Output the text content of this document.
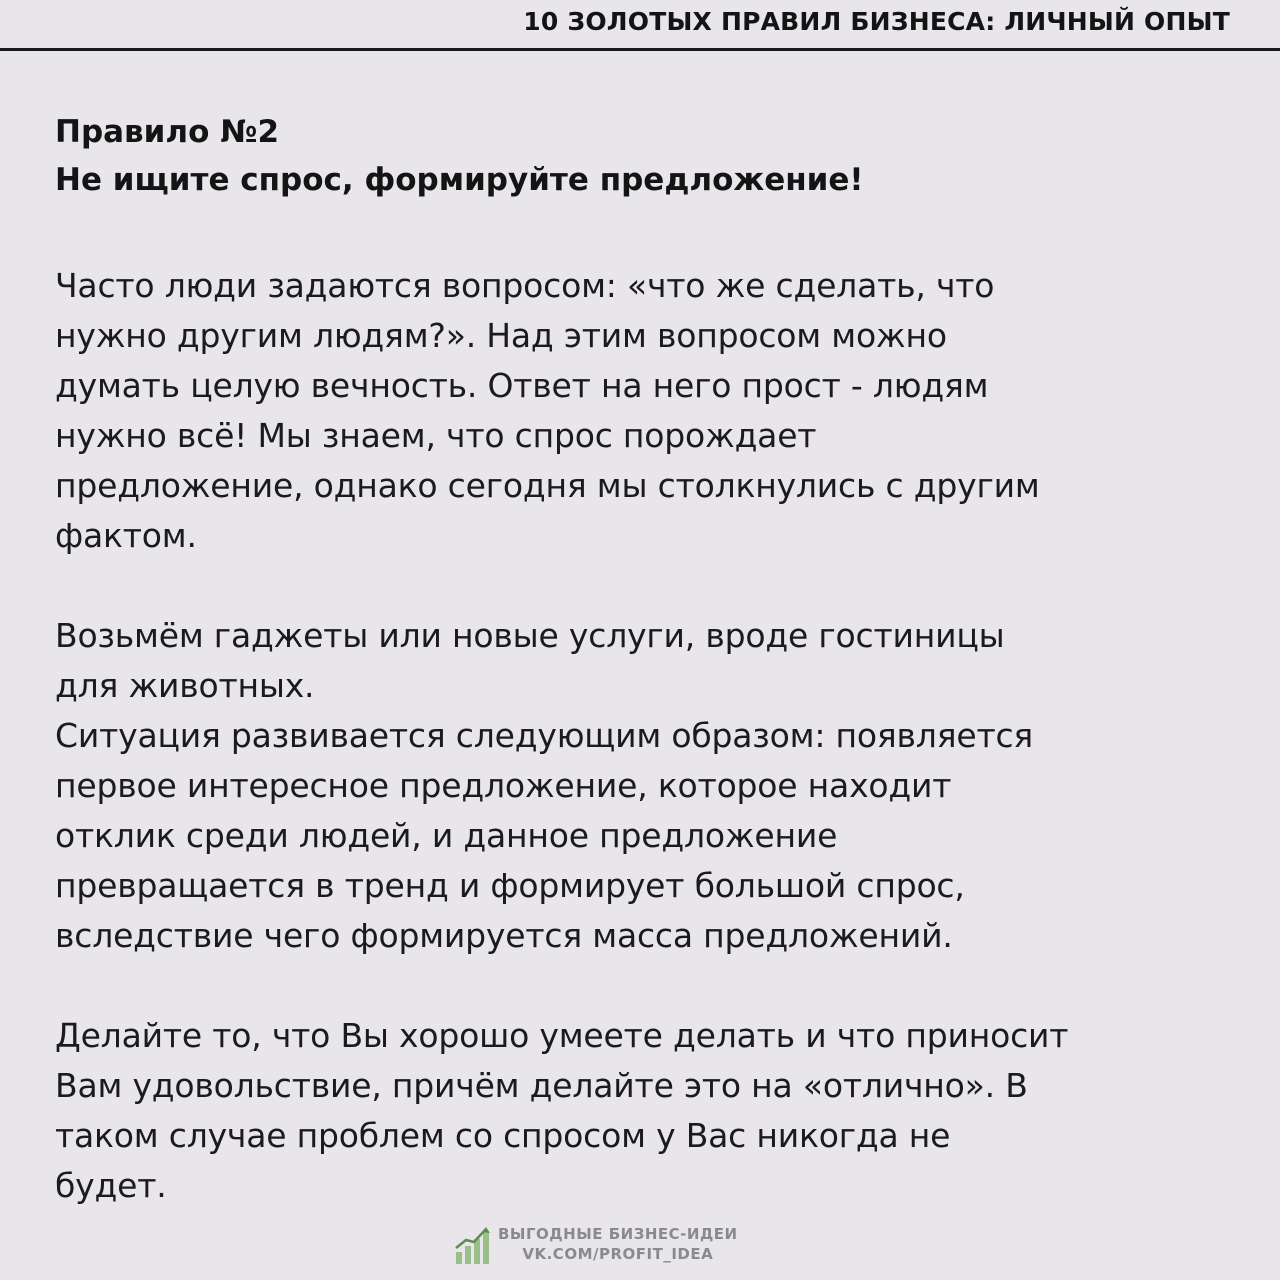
10 ЗОЛОТЫХ ПРАВИЛ БИЗНЕСА: ЛИЧНЫЙ ОПЫТ

Правило №2

Не ищите спрос, формируйте предложение!

Часто люди задаются вопросом: «что же сделать, что
нужно другим людям?». Над этим вопросом можно
думать целую вечность. Ответ на него прост - людям
нужно всё! Мы знаем, что спрос порождает
предложение, однако сегодня мы столкнулись с другим
фактом.

Возьмём гаджеты или новые услуги, вроде гостиницы
для животных.

Ситуация развивается следующим образом: появляется
первое интересное предложение, которое находит
отклик среди людей, и данное предложение
превращается в тренд и формирует большой спрос,
вследствие чего формируется масса предложений.

Делайте то, что Вы хорошо умеете делать и что приносит
Вам удовольствие, причём делайте это на «отлично». В
таком случае проблем со спросом у Вас никогда не
будет.

ВЫГОДНЫЕ БИЗНЕС-ИДЕИ
VK.COM/PROFIT_IDEA
